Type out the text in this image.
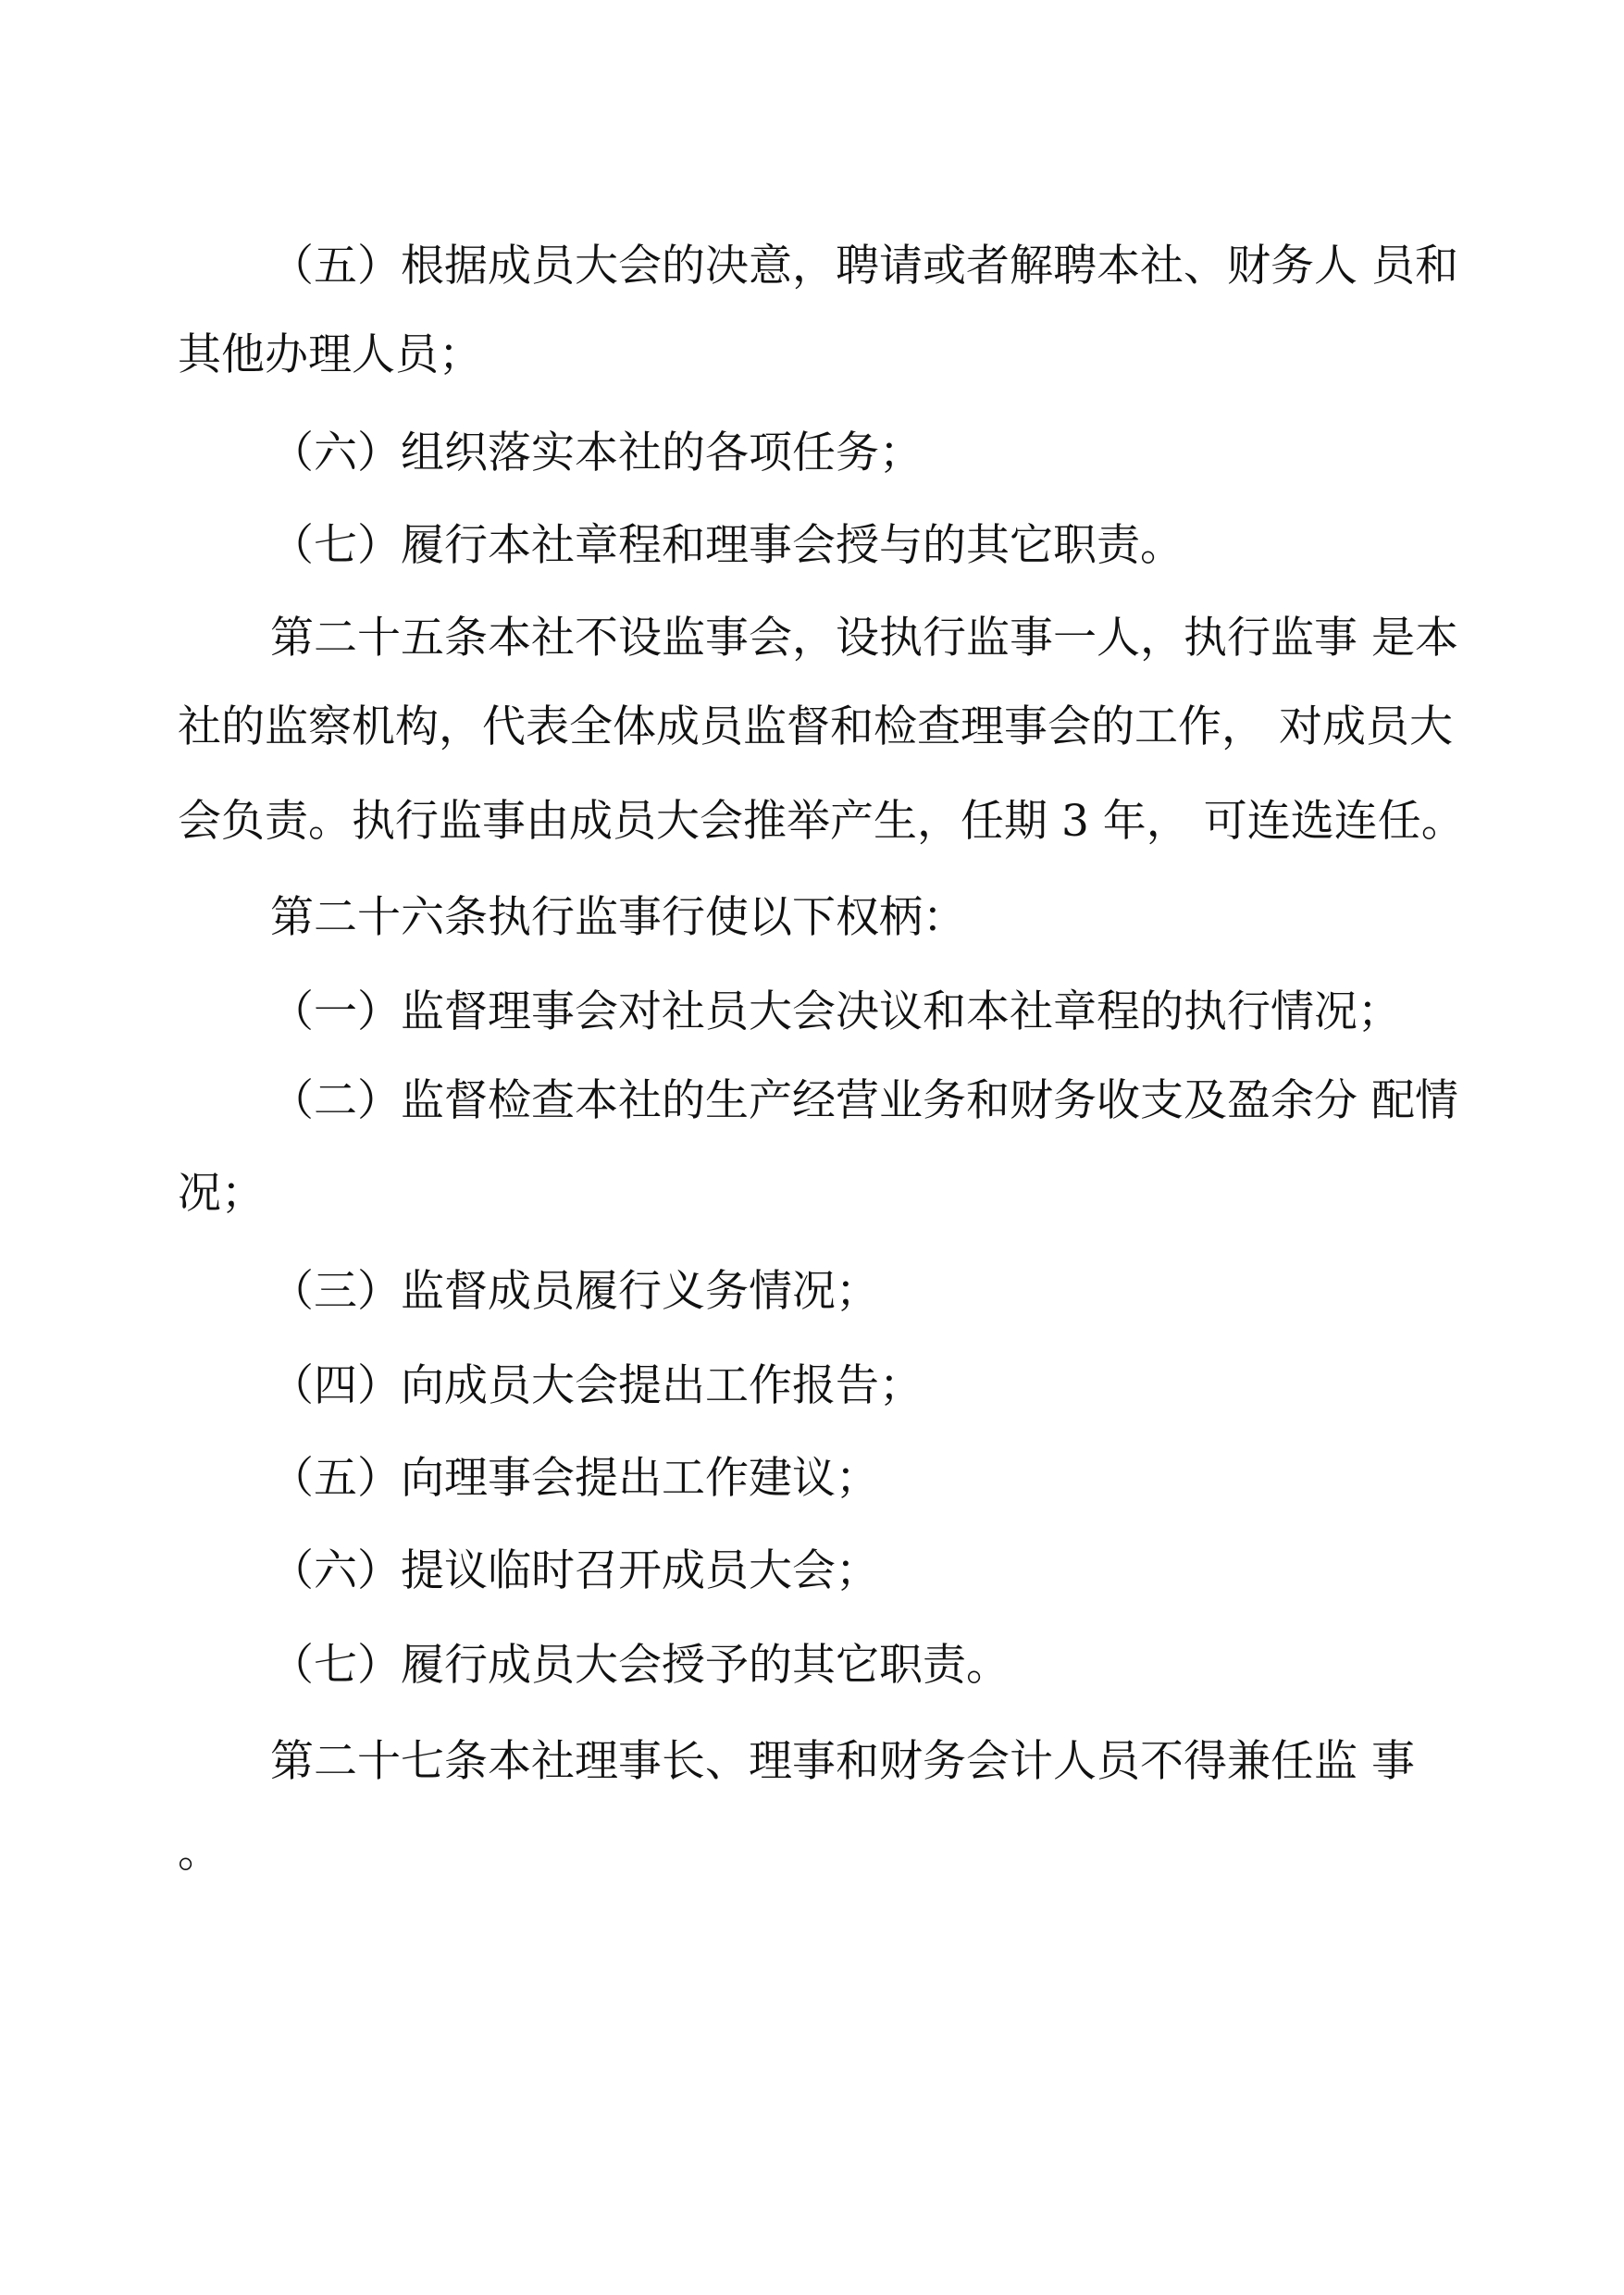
（五）根据成员大会的决意，聘请或者解聘本社、财务人 员和

其他办理人员；

（六）组织落实本社的各项任务；

（七）履行本社章程和理事会授与的其它职责。

第二十五条本社不设监事会，设执行监事一人，执行监事 是本

社的监察机构，代表全体成员监督和检查理事会的工作， 对成员大

会负责。执行监事由成员大会推举产生，任期 3 年， 可连选连任。

第二十六条执行监事行使以下权柄：

（一）监督理事会对社员大会决议和本社章程的执行情况；

（二）监督检查本社的生产经营业务和财务收支及盈余分 配情

况；

（三）监督成员履行义务情况；

（四）向成员大会提出工作报告；

（五）向理事会提出工作建议；

（六）提议临时召开成员大会；

（七）履行成员大会授予的其它职责。

第二十七条本社理事长、理事和财务会计人员不得兼任监 事

。
